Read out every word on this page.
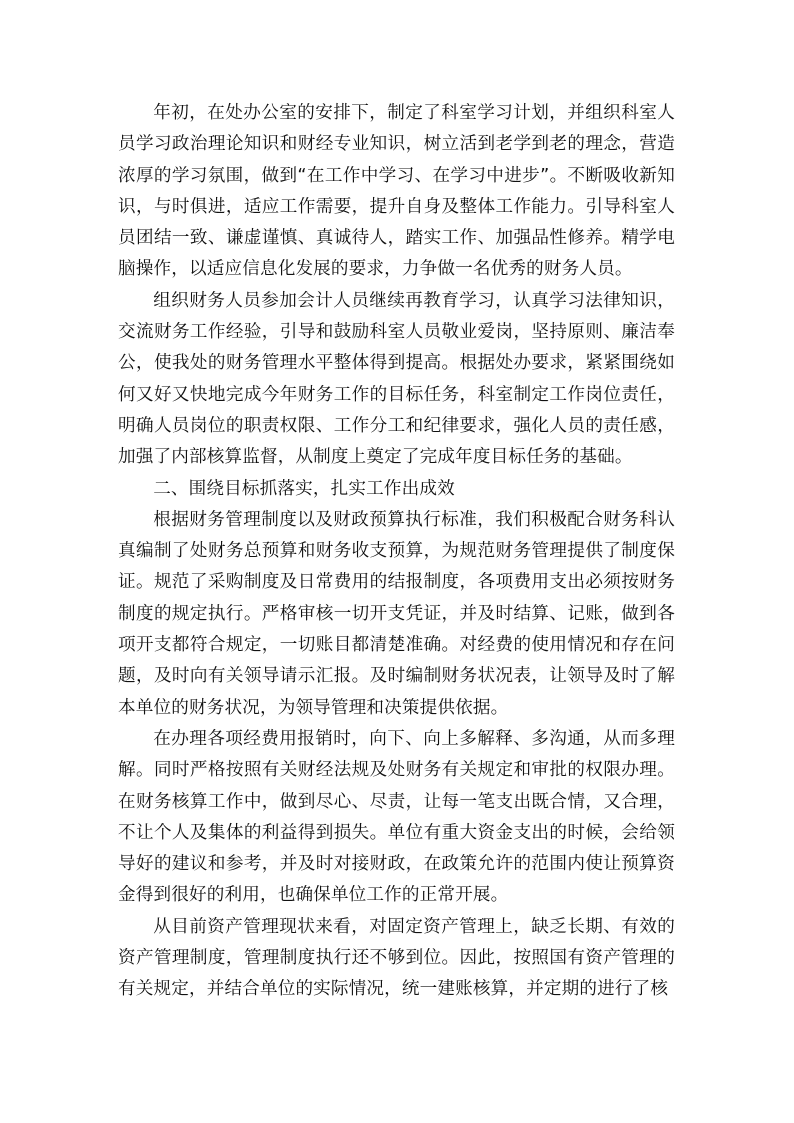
年初，在处办公室的安排下，制定了科室学习计划，并组织科室人员学习政治理论知识和财经专业知识，树立活到老学到老的理念，营造浓厚的学习氛围，做到“在工作中学习、在学习中进步”。不断吸收新知识，与时俱进，适应工作需要，提升自身及整体工作能力。引导科室人员团结一致、谦虚谨慎、真诚待人，踏实工作、加强品性修养。精学电脑操作，以适应信息化发展的要求，力争做一名优秀的财务人员。

组织财务人员参加会计人员继续再教育学习，认真学习法律知识，交流财务工作经验，引导和鼓励科室人员敬业爱岗，坚持原则、廉洁奉公，使我处的财务管理水平整体得到提高。根据处办要求，紧紧围绕如何又好又快地完成今年财务工作的目标任务，科室制定工作岗位责任，明确人员岗位的职责权限、工作分工和纪律要求，强化人员的责任感，加强了内部核算监督，从制度上奠定了完成年度目标任务的基础。

二、围绕目标抓落实，扎实工作出成效

根据财务管理制度以及财政预算执行标准，我们积极配合财务科认真编制了处财务总预算和财务收支预算，为规范财务管理提供了制度保证。规范了采购制度及日常费用的结报制度，各项费用支出必须按财务制度的规定执行。严格审核一切开支凭证，并及时结算、记账，做到各项开支都符合规定，一切账目都清楚准确。对经费的使用情况和存在问题，及时向有关领导请示汇报。及时编制财务状况表，让领导及时了解本单位的财务状况，为领导管理和决策提供依据。

在办理各项经费用报销时，向下、向上多解释、多沟通，从而多理解。同时严格按照有关财经法规及处财务有关规定和审批的权限办理。在财务核算工作中，做到尽心、尽责，让每一笔支出既合情，又合理，不让个人及集体的利益得到损失。单位有重大资金支出的时候，会给领导好的建议和参考，并及时对接财政，在政策允许的范围内使让预算资金得到很好的利用，也确保单位工作的正常开展。

从目前资产管理现状来看，对固定资产管理上，缺乏长期、有效的资产管理制度，管理制度执行还不够到位。因此，按照国有资产管理的有关规定，并结合单位的实际情况，统一建账核算，并定期的进行了核
